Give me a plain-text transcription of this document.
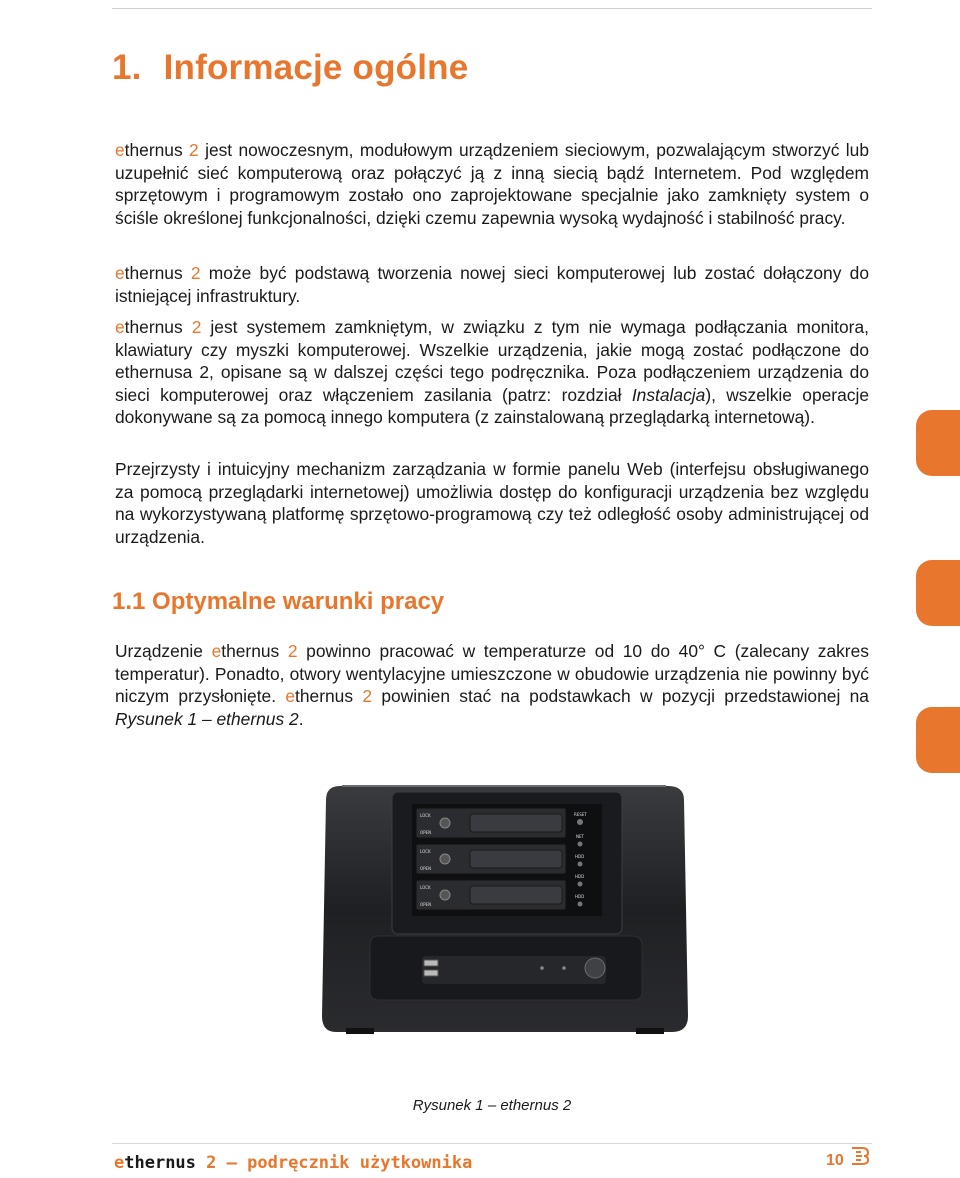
1. Informacje ogólne

ethernus 2 jest nowoczesnym, modułowym urządzeniem sieciowym, pozwalającym stworzyć lub uzupełnić sieć komputerową oraz połączyć ją z inną siecią bądź Internetem. Pod względem sprzętowym i programowym zostało ono zaprojektowane specjalnie jako zamknięty system o ściśle określonej funkcjonalności, dzięki czemu zapewnia wysoką wydajność i stabilność pracy.

ethernus 2 może być podstawą tworzenia nowej sieci komputerowej lub zostać dołączony do istniejącej infrastruktury.

ethernus 2 jest systemem zamkniętym, w związku z tym nie wymaga podłączania monitora, klawiatury czy myszki komputerowej. Wszelkie urządzenia, jakie mogą zostać podłączone do ethernusa 2, opisane są w dalszej części tego podręcznika. Poza podłączeniem urządzenia do sieci komputerowej oraz włączeniem zasilania (patrz: rozdział Instalacja), wszelkie operacje dokonywane są za pomocą innego komputera (z zainstalowaną przeglądarką internetową).

Przejrzysty i intuicyjny mechanizm zarządzania w formie panelu Web (interfejsu obsługiwanego za pomocą przeglądarki internetowej) umożliwia dostęp do konfiguracji urządzenia bez względu na wykorzystywaną platformę sprzętowo-programową czy też odległość osoby administrującej od urządzenia.

1.1 Optymalne warunki pracy

Urządzenie ethernus 2 powinno pracować w temperaturze od 10 do 40° C (zalecany zakres temperatur). Ponadto, otwory wentylacyjne umieszczone w obudowie urządzenia nie powinny być niczym przysłonięte. ethernus 2 powinien stać na podstawkach w pozycji przedstawionej na Rysunek 1 – ethernus 2.

LOCK
OPEN
LOCK
OPEN
LOCK
OPEN
RESET
NET
HDD
HDD
HDD
Rysunek 1 – ethernus 2
ethernus 2 — podręcznik użytkownika	10
